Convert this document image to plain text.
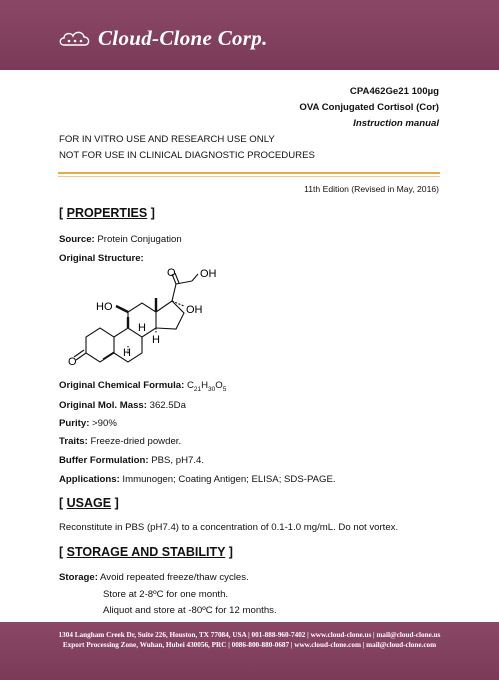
Cloud-Clone Corp.
CPA462Ge21 100µg
OVA Conjugated Cortisol (Cor)
Instruction manual
FOR IN VITRO USE AND RESEARCH USE ONLY
NOT FOR USE IN CLINICAL DIAGNOSTIC PROCEDURES
11th Edition (Revised in May, 2016)
[ PROPERTIES ]
Source: Protein Conjugation
Original Structure:
O OH
HO	OH
H
H
H
O
Original Chemical Formula: $C_{21}H_{30}O_5$
Original Mol. Mass: 362.5Da
Purity: >90%
Traits: Freeze-dried powder.
Buffer Formulation: PBS, pH7.4.
Applications: Immunogen; Coating Antigen; ELISA; SDS-PAGE.
[ USAGE ]
Reconstitute in PBS (pH7.4) to a concentration of 0.1-1.0 mg/mL. Do not vortex.
[ STORAGE AND STABILITY ]
Storage: Avoid repeated freeze/thaw cycles.
Store at 2-8ºC for one month.
Aliquot and store at -80ºC for 12 months.
1304 Langham Creek Dr, Suite 226, Houston, TX 77084, USA | 001-888-960-7402 | www.cloud-clone.us | mail@cloud-clone.us
Export Processing Zone, Wuhan, Hubei 430056, PRC | 0086-800-880-0687 | www.cloud-clone.com | mail@cloud-clone.com
